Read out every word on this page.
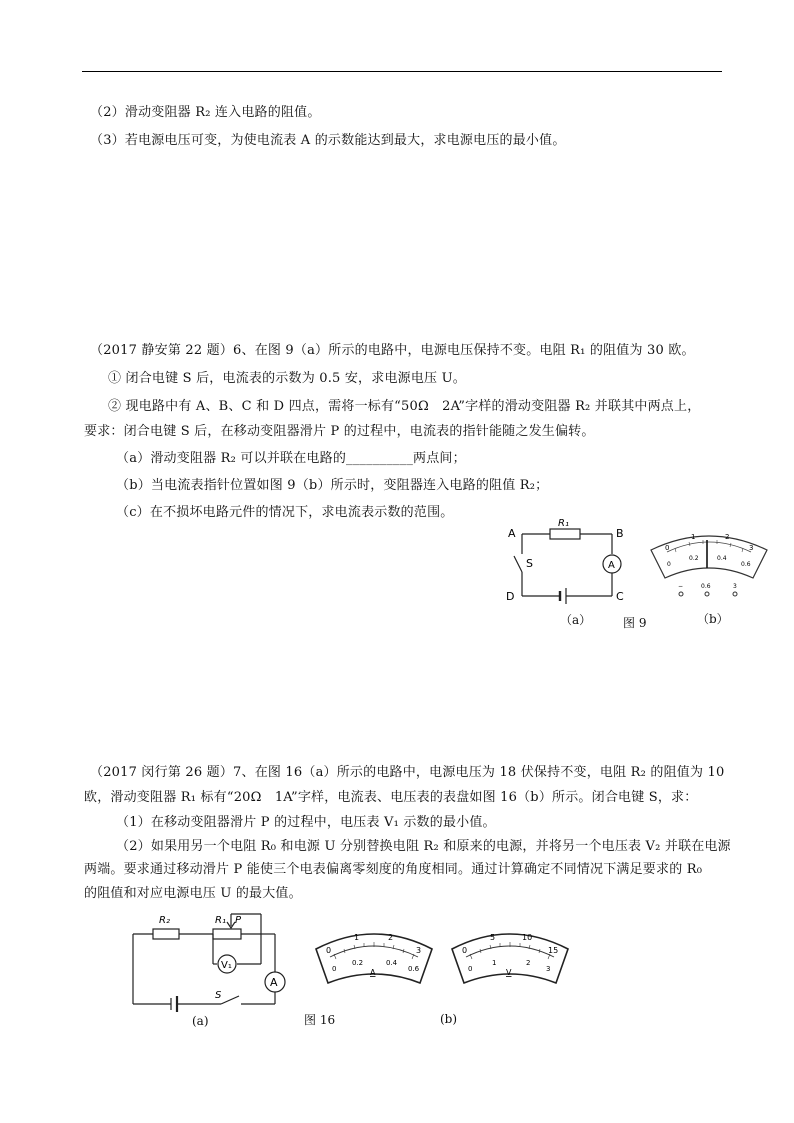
（2）滑动变阻器 R₂ 连入电路的阻值。
（3）若电源电压可变，为使电流表 A 的示数能达到最大，求电源电压的最小值。
（2017 静安第 22 题）6、在图 9（a）所示的电路中，电源电压保持不变。电阻 R₁ 的阻值为 30 欧。
① 闭合电键 S 后，电流表的示数为 0.5 安，求电源电压 U。
② 现电路中有 A、B、C 和 D 四点，需将一标有“50Ω　2A”字样的滑动变阻器 R₂ 并联其中两点上，
要求：闭合电键 S 后，在移动变阻器滑片 P 的过程中，电流表的指针能随之发生偏转。
（a）滑动变阻器 R₂ 可以并联在电路的__________两点间；
（b）当电流表指针位置如图 9（b）所示时，变阻器连入电路的阻值 R₂；
（c）在不损坏电路元件的情况下，求电流表示数的范围。
A	B
C
D
S
R₁
A
（a）	图 9	（b）
0
1	2
3
0
0.2	0.4
0.6
−	0.6	3
（2017 闵行第 26 题）7、在图 16（a）所示的电路中，电源电压为 18 伏保持不变，电阻 R₂ 的阻值为 10
欧，滑动变阻器 R₁ 标有“20Ω　1A”字样，电流表、电压表的表盘如图 16（b）所示。闭合电键 S，求：
（1）在移动变阻器滑片 P 的过程中，电压表 V₁ 示数的最小值。
（2）如果用另一个电阻 R₀ 和电源 U 分别替换电阻 R₂ 和原来的电源，并将另一个电压表 V₂ 并联在电源
两端。要求通过移动滑片 P 能使三个电表偏离零刻度的角度相同。通过计算确定不同情况下满足要求的 R₀
的阻值和对应电源电压 U 的最大值。
R₂	R₁ P
V₁
A
S
0
1	2
3
0
0.2	0.4
0.6
A
0
5	10
15
0
1	2
3
V
(a)	图 16	(b)
